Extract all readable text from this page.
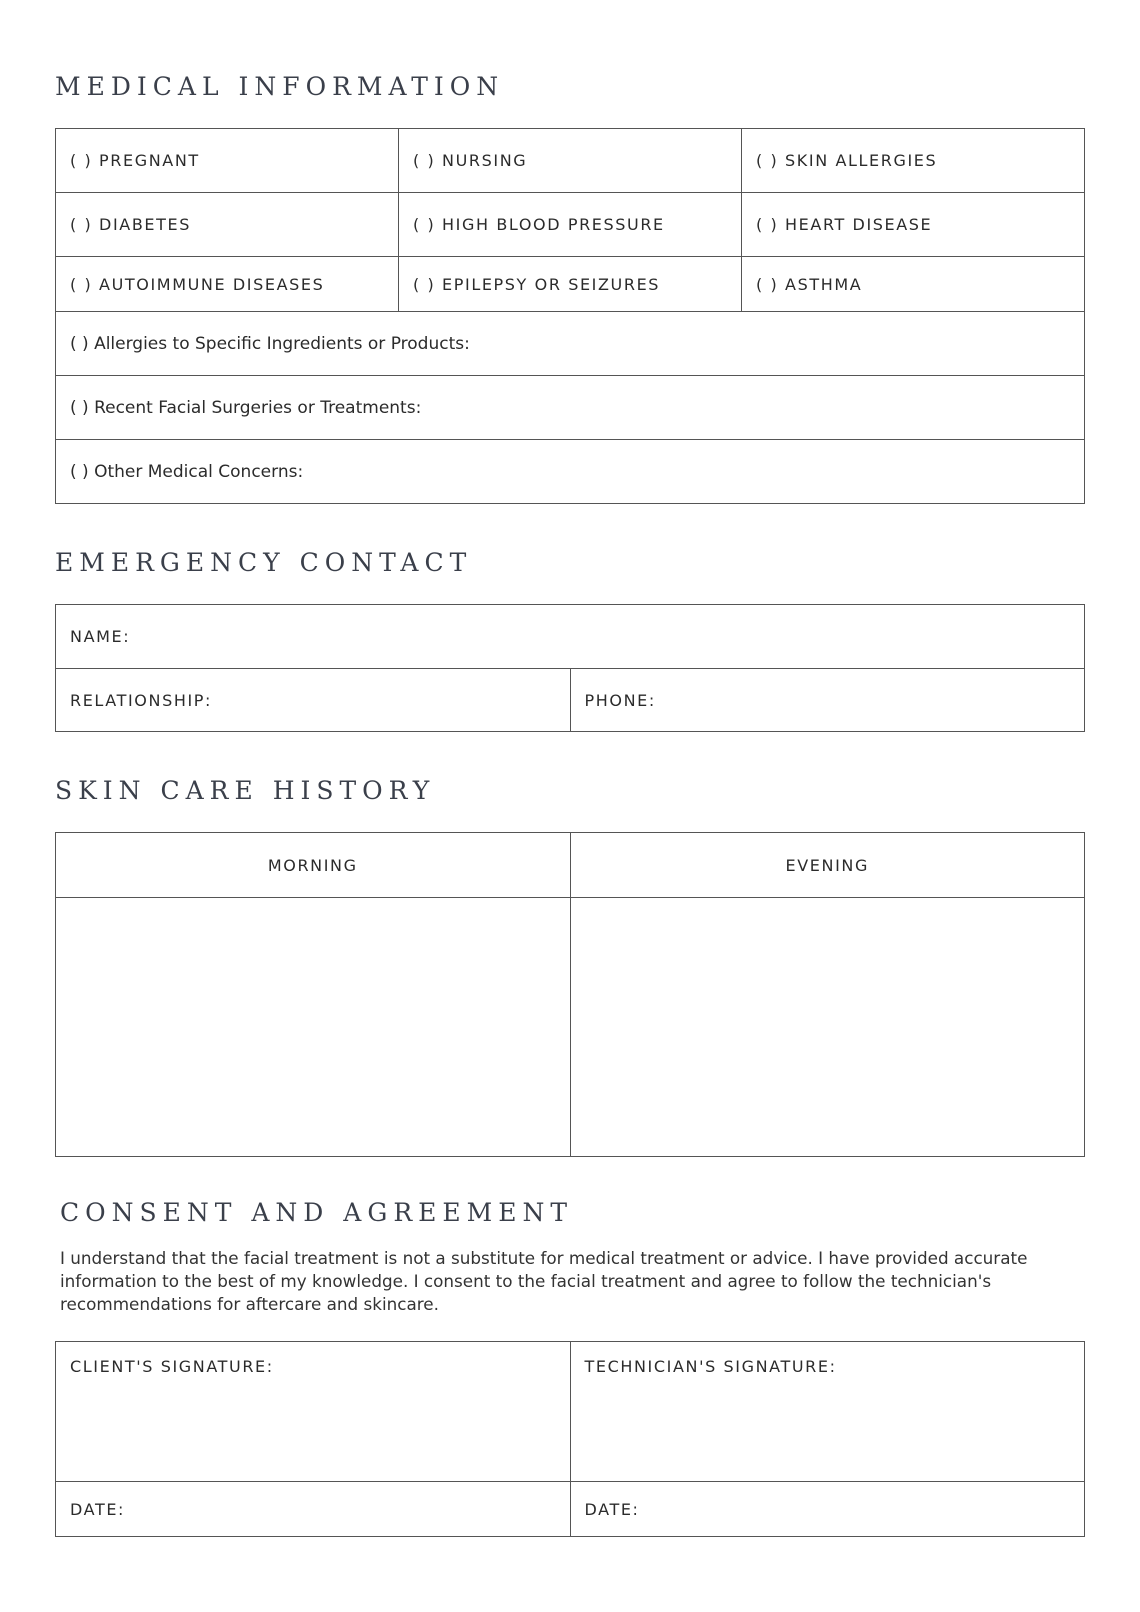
MEDICAL INFORMATION
( ) PREGNANT	( ) NURSING	( ) SKIN ALLERGIES
( ) DIABETES	( ) HIGH BLOOD PRESSURE	( ) HEART DISEASE
( ) AUTOIMMUNE DISEASES	( ) EPILEPSY OR SEIZURES	( ) ASTHMA
( ) Allergies to Specific Ingredients or Products:
( ) Recent Facial Surgeries or Treatments:
( ) Other Medical Concerns:
EMERGENCY CONTACT
NAME:
RELATIONSHIP:	PHONE:
SKIN CARE HISTORY
MORNING	EVENING
CONSENT AND AGREEMENT

I understand that the facial treatment is not a substitute for medical treatment or advice. I have provided accurate information to the best of my knowledge. I consent to the facial treatment and agree to follow the technician's recommendations for aftercare and skincare.

CLIENT'S SIGNATURE:	TECHNICIAN'S SIGNATURE:
DATE:	DATE:
